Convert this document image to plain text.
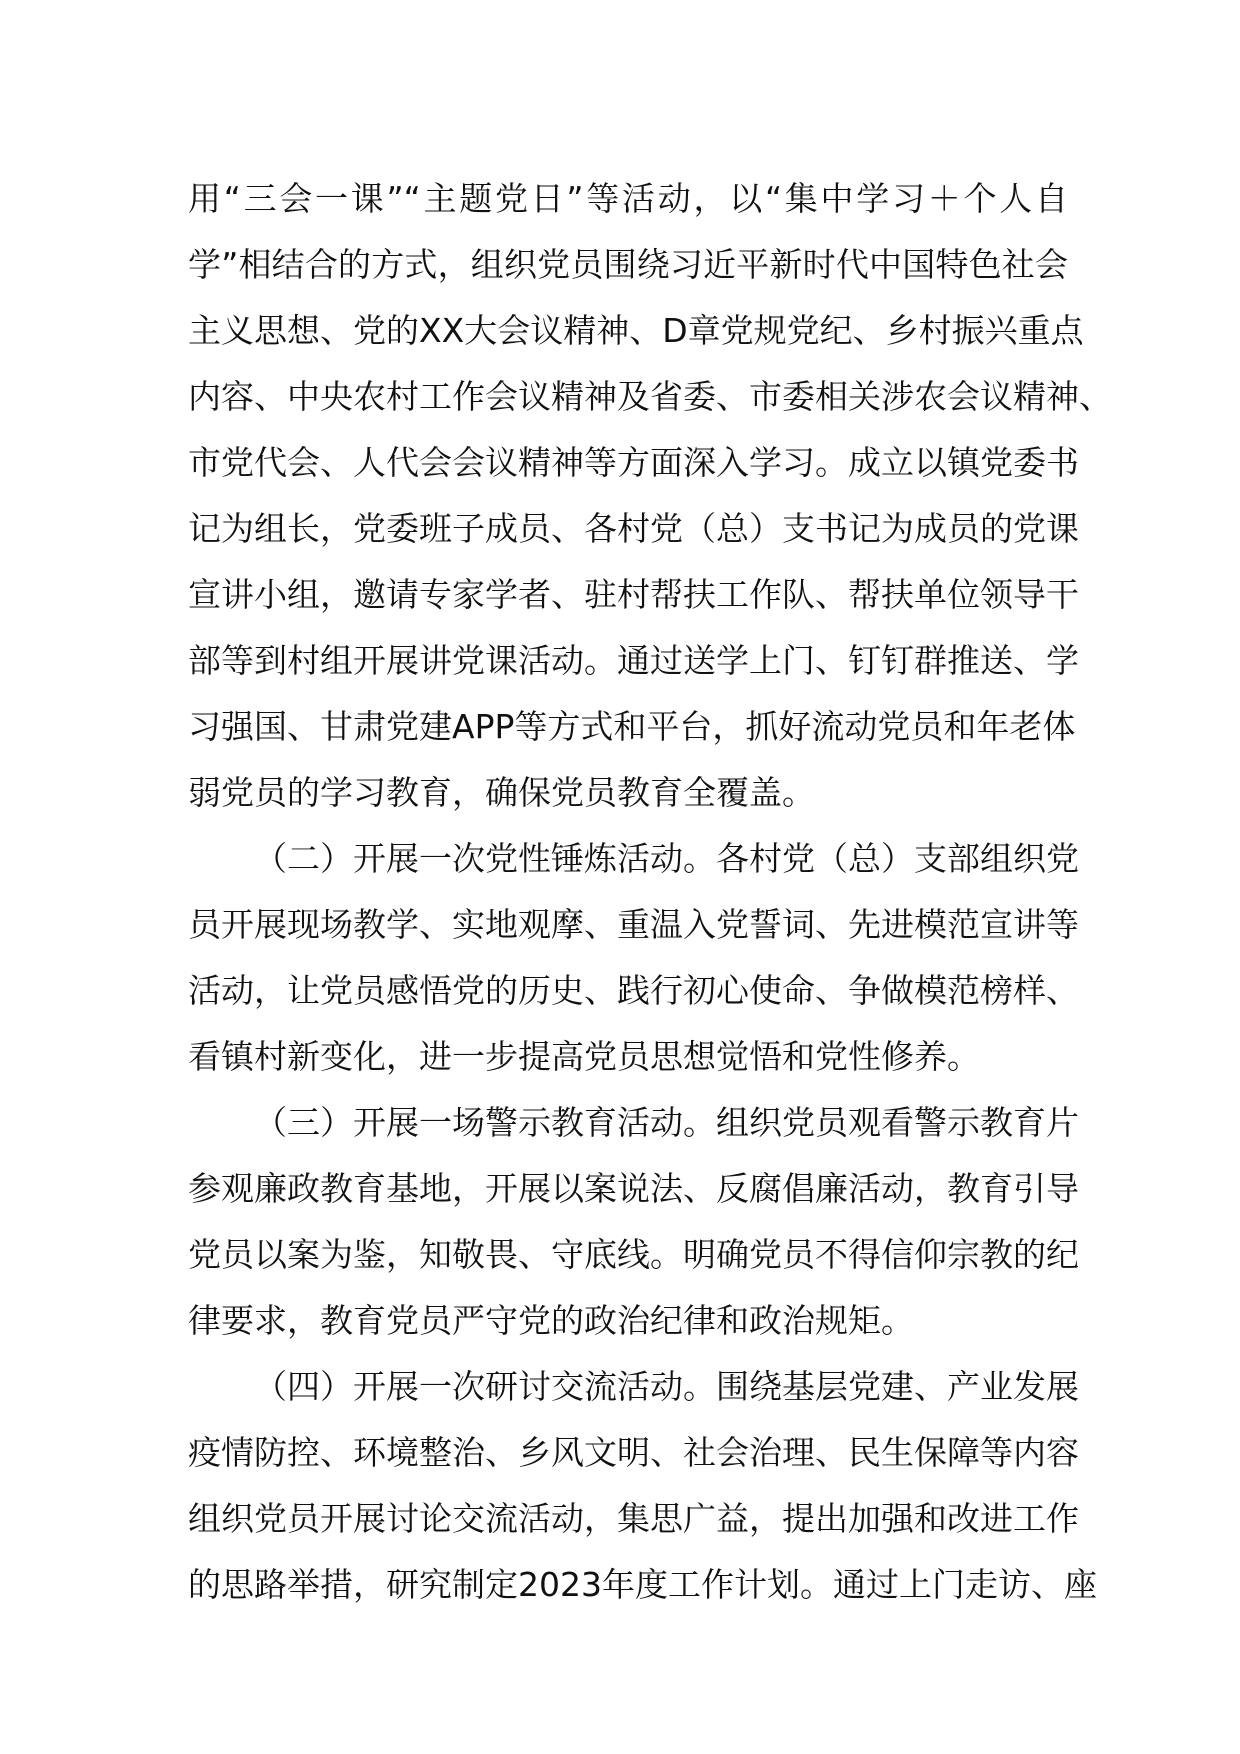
用“三会一课”“主题党日”等活动，以“集中学习＋个人自
学”相结合的方式，组织党员围绕习近平新时代中国特色社会
主义思想、党的XX大会议精神、D章党规党纪、乡村振兴重点
内容、中央农村工作会议精神及省委、市委相关涉农会议精神、
市党代会、人代会会议精神等方面深入学习。成立以镇党委书
记为组长，党委班子成员、各村党（总）支书记为成员的党课
宣讲小组，邀请专家学者、驻村帮扶工作队、帮扶单位领导干
部等到村组开展讲党课活动。通过送学上门、钉钉群推送、学
习强国、甘肃党建APP等方式和平台，抓好流动党员和年老体
弱党员的学习教育，确保党员教育全覆盖。
（二）开展一次党性锤炼活动。各村党（总）支部组织党
员开展现场教学、实地观摩、重温入党誓词、先进模范宣讲等
活动，让党员感悟党的历史、践行初心使命、争做模范榜样、
看镇村新变化，进一步提高党员思想觉悟和党性修养。
（三）开展一场警示教育活动。组织党员观看警示教育片
参观廉政教育基地，开展以案说法、反腐倡廉活动，教育引导
党员以案为鉴，知敬畏、守底线。明确党员不得信仰宗教的纪
律要求，教育党员严守党的政治纪律和政治规矩。
（四）开展一次研讨交流活动。围绕基层党建、产业发展
疫情防控、环境整治、乡风文明、社会治理、民生保障等内容
组织党员开展讨论交流活动，集思广益，提出加强和改进工作
的思路举措，研究制定2023年度工作计划。通过上门走访、座
